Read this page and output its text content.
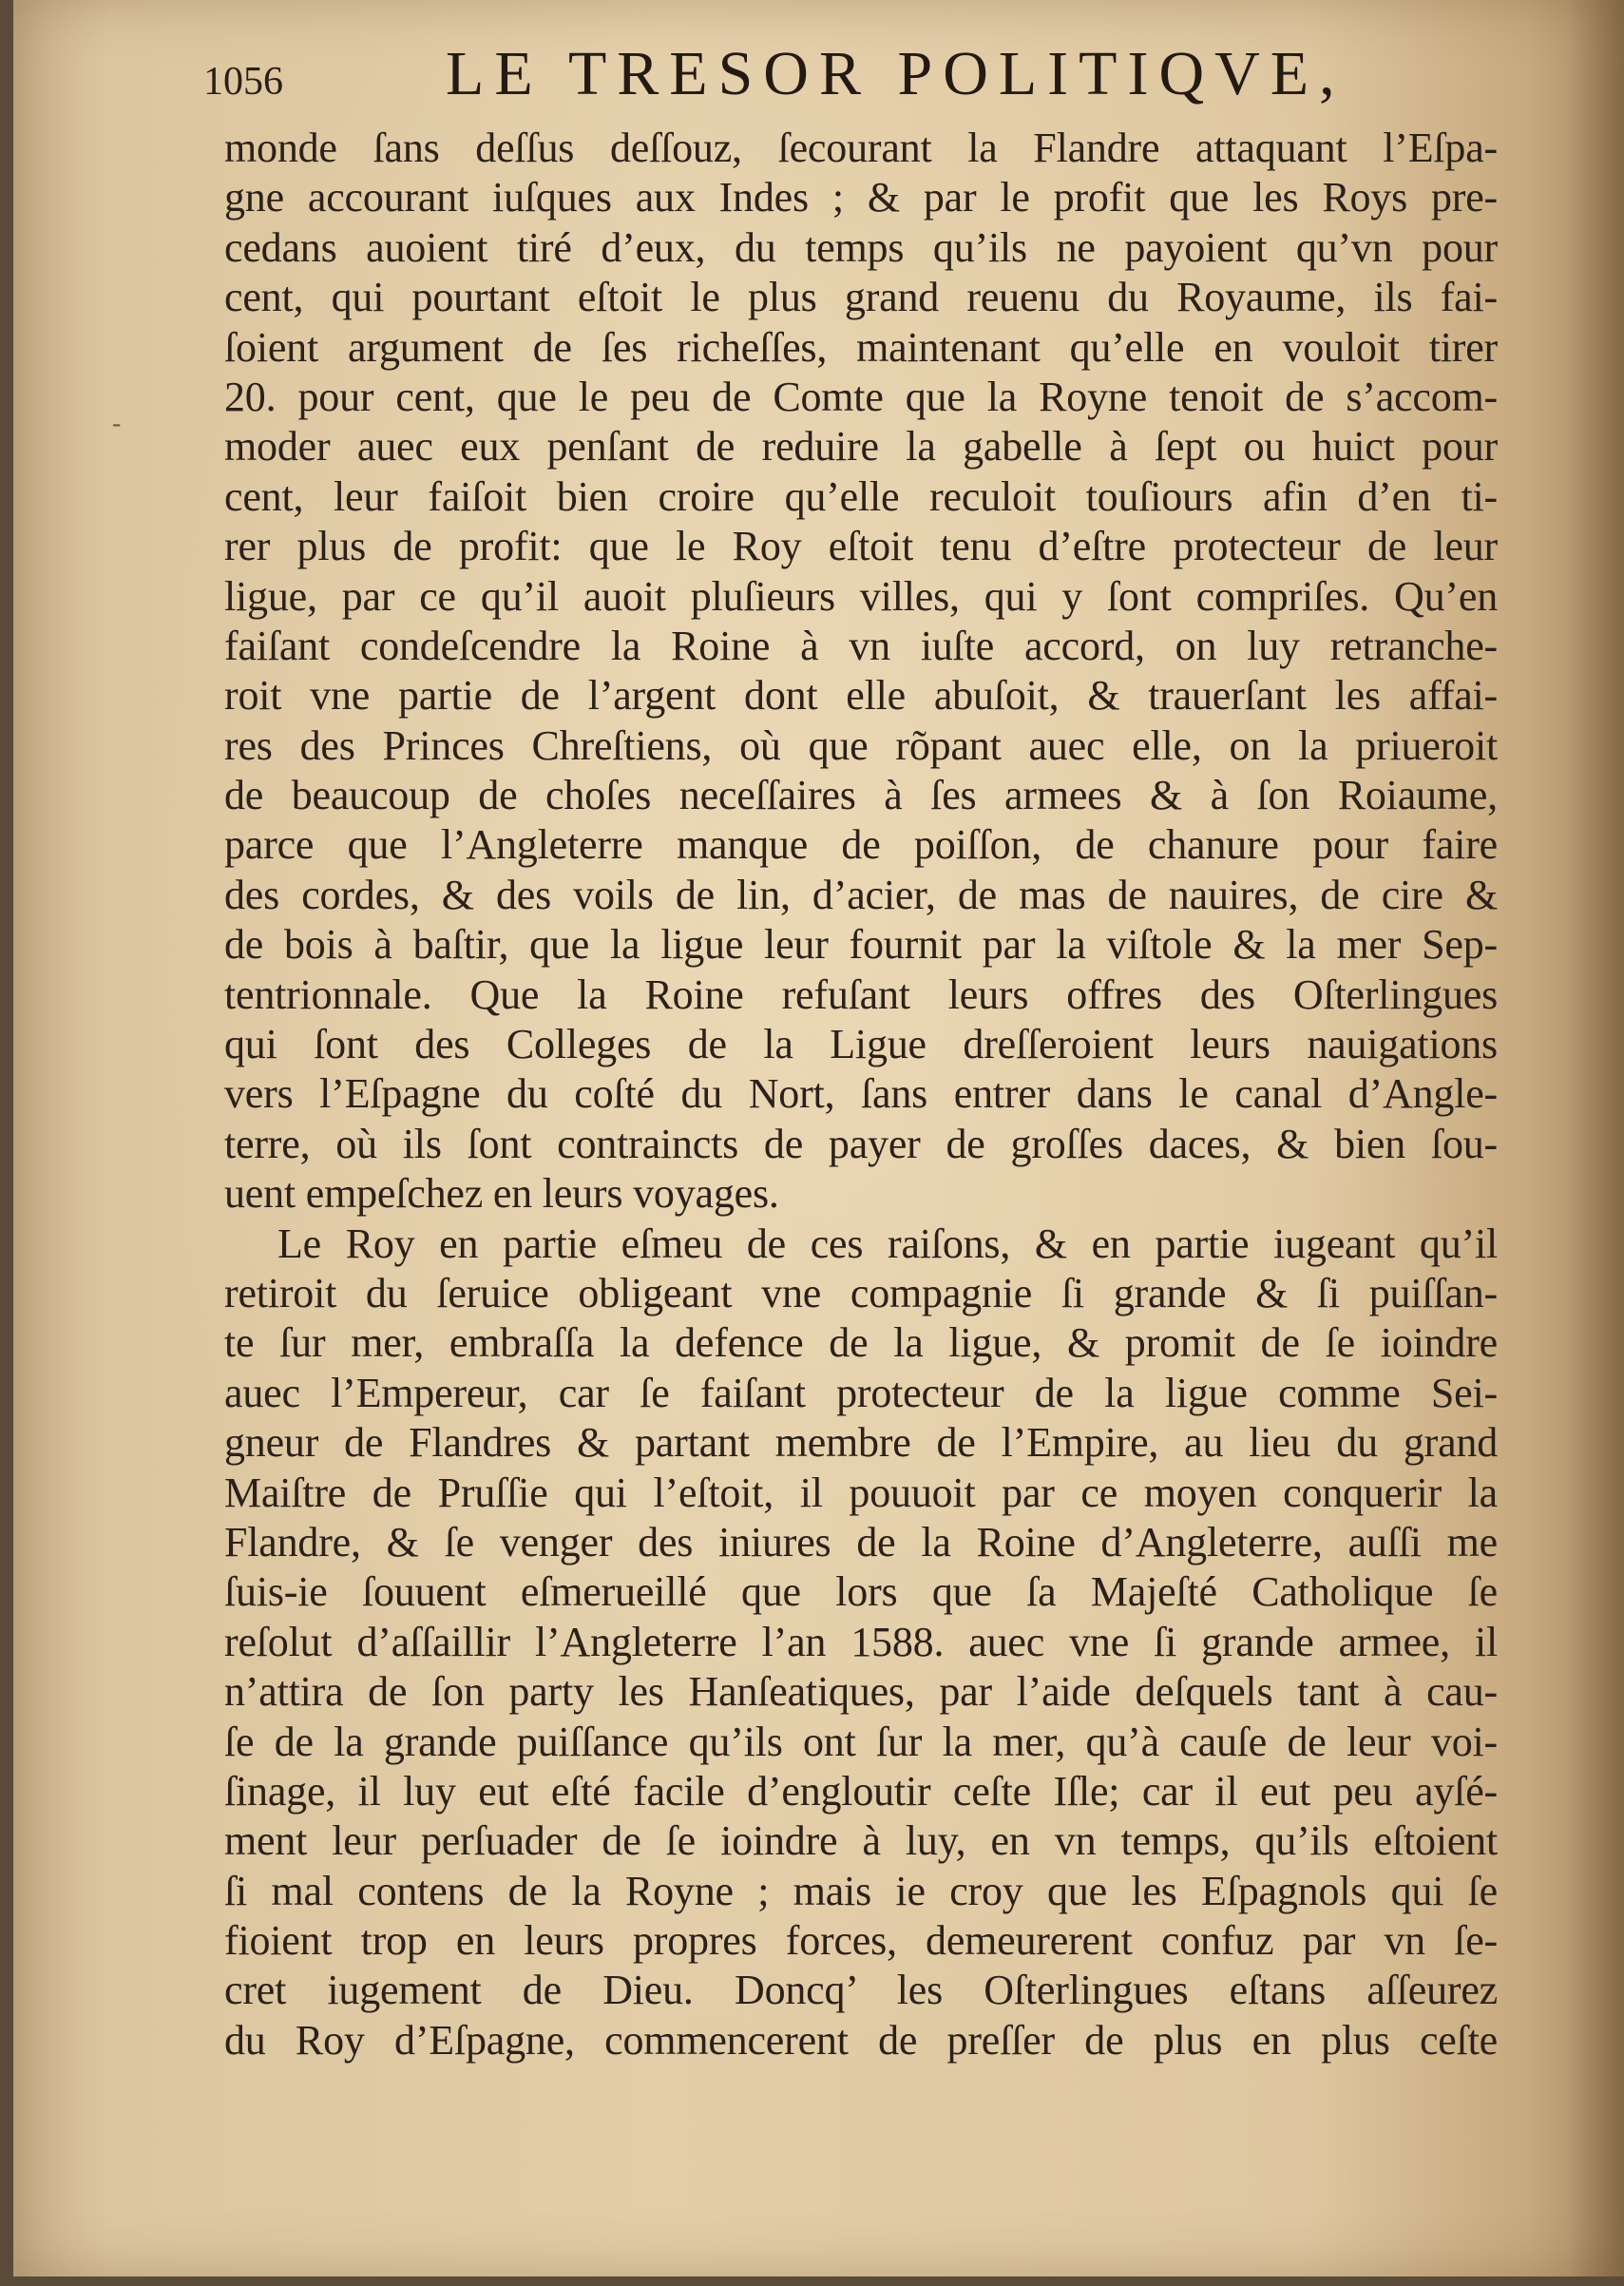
1056	LE TRESOR POLITIQVE,
-
monde ſans deſſus deſſouz, ſecourant la Flandre attaquant l’Eſpa-
gne accourant iuſques aux Indes ; & par le profit que les Roys pre-
cedans auoient tiré d’eux, du temps qu’ils ne payoient qu’vn pour
cent, qui pourtant eſtoit le plus grand reuenu du Royaume, ils fai-
ſoient argument de ſes richeſſes, maintenant qu’elle en vouloit tirer
20. pour cent, que le peu de Comte que la Royne tenoit de s’accom-
moder auec eux penſant de reduire la gabelle à ſept ou huict pour
cent, leur faiſoit bien croire qu’elle reculoit touſiours afin d’en ti-
rer plus de profit: que le Roy eſtoit tenu d’eſtre protecteur de leur
ligue, par ce qu’il auoit pluſieurs villes, qui y ſont compriſes. Qu’en
faiſant condeſcendre la Roine à vn iuſte accord, on luy retranche-
roit vne partie de l’argent dont elle abuſoit, & trauerſant les affai-
res des Princes Chreſtiens, où que rõpant auec elle, on la priueroit
de beaucoup de choſes neceſſaires à ſes armees & à ſon Roiaume,
parce que l’Angleterre manque de poiſſon, de chanure pour faire
des cordes, & des voils de lin, d’acier, de mas de nauires, de cire &
de bois à baſtir, que la ligue leur fournit par la viſtole & la mer Sep-
tentrionnale. Que la Roine refuſant leurs offres des Oſterlingues
qui ſont des Colleges de la Ligue dreſſeroient leurs nauigations
vers l’Eſpagne du coſté du Nort, ſans entrer dans le canal d’Angle-
terre, où ils ſont contraincts de payer de groſſes daces, & bien ſou-
uent empeſchez en leurs voyages.
Le Roy en partie eſmeu de ces raiſons, & en partie iugeant qu’il
retiroit du ſeruice obligeant vne compagnie ſi grande & ſi puiſſan-
te ſur mer, embraſſa la defence de la ligue, & promit de ſe ioindre
auec l’Empereur, car ſe faiſant protecteur de la ligue comme Sei-
gneur de Flandres & partant membre de l’Empire, au lieu du grand
Maiſtre de Pruſſie qui l’eſtoit, il pouuoit par ce moyen conquerir la
Flandre, & ſe venger des iniures de la Roine d’Angleterre, auſſi me
ſuis-ie ſouuent eſmerueillé que lors que ſa Majeſté Catholique ſe
reſolut d’aſſaillir l’Angleterre l’an 1588. auec vne ſi grande armee, il
n’attira de ſon party les Hanſeatiques, par l’aide deſquels tant à cau-
ſe de la grande puiſſance qu’ils ont ſur la mer, qu’à cauſe de leur voi-
ſinage, il luy eut eſté facile d’engloutir ceſte Iſle; car il eut peu ayſé-
ment leur perſuader de ſe ioindre à luy, en vn temps, qu’ils eſtoient
ſi mal contens de la Royne ; mais ie croy que les Eſpagnols qui ſe
fioient trop en leurs propres forces, demeurerent confuz par vn ſe-
cret iugement de Dieu. Doncq’ les Oſterlingues eſtans aſſeurez
du Roy d’Eſpagne, commencerent de preſſer de plus en plus ceſte
